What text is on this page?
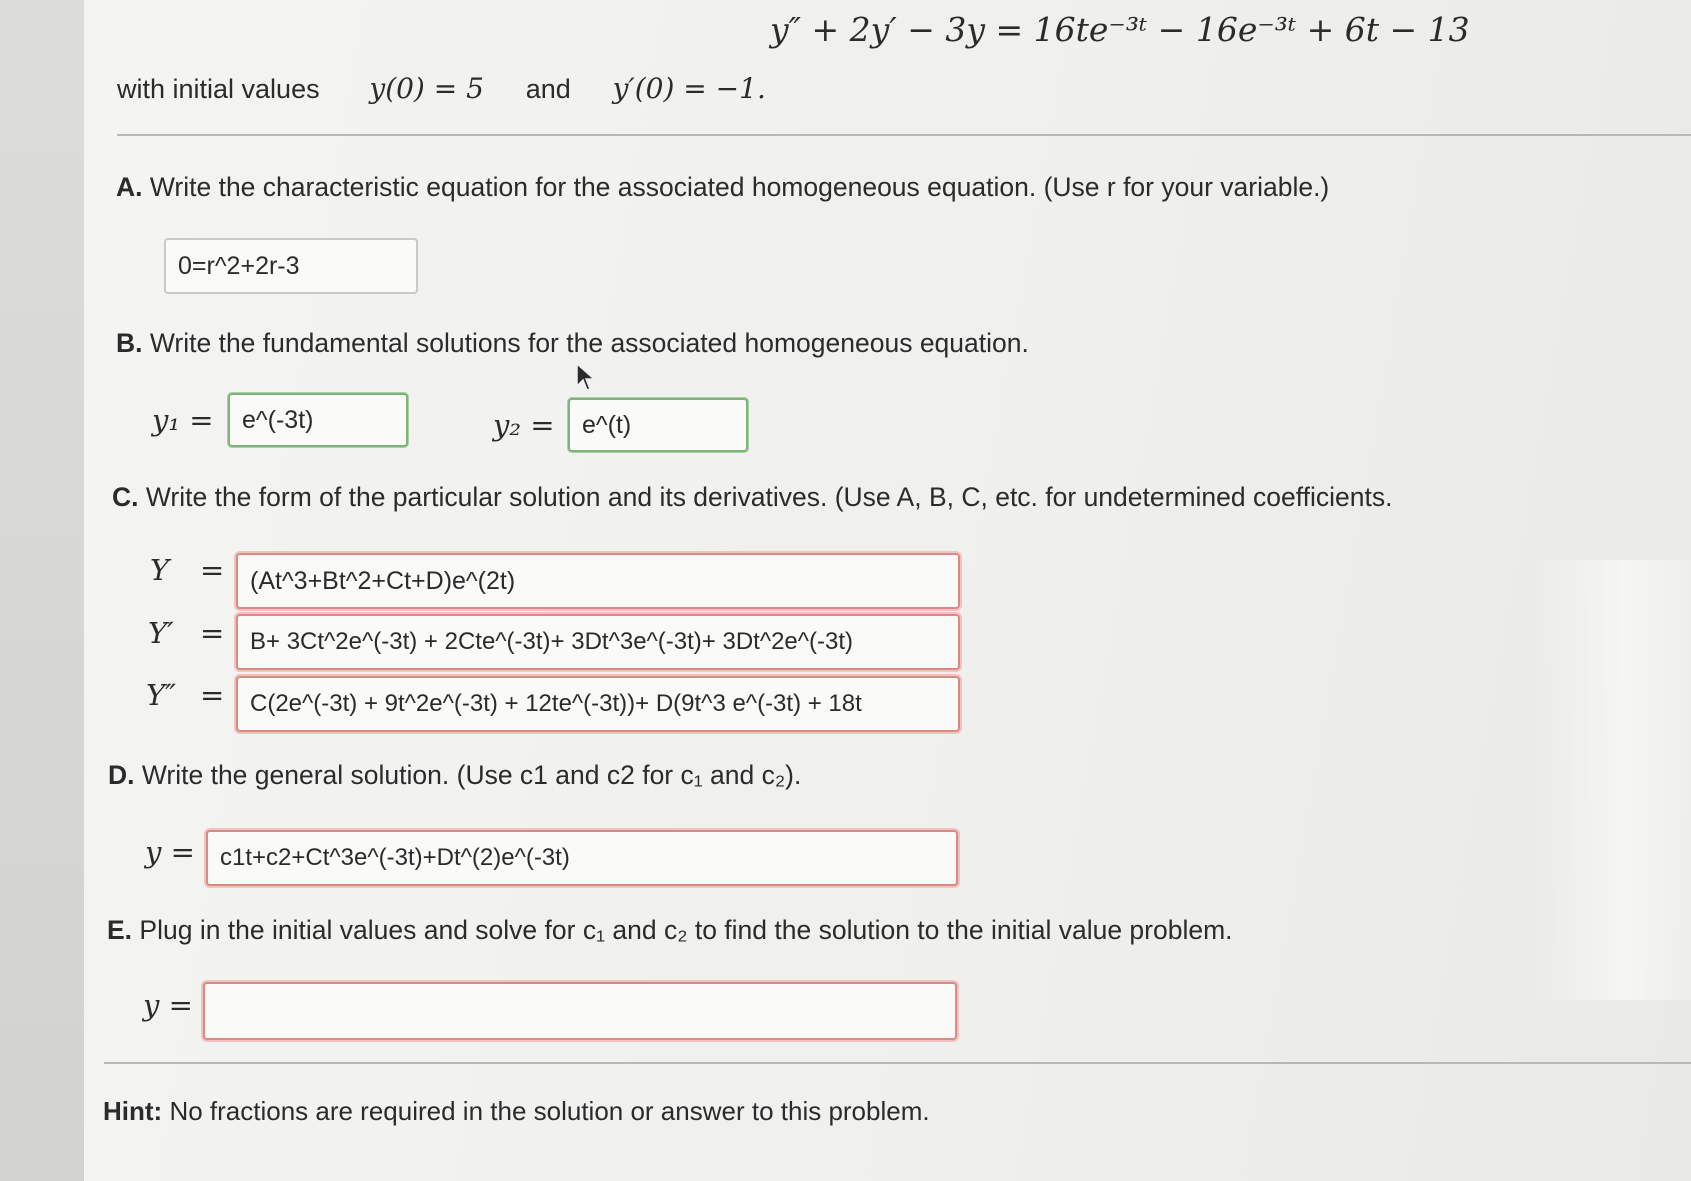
y″ + 2y′ − 3y = 16te⁻³ᵗ − 16e⁻³ᵗ + 6t − 13
with initial values y(0) = 5 and y′(0) = −1.
A. Write the characteristic equation for the associated homogeneous equation. (Use r for your variable.)
0=r^2+2r-3
B. Write the fundamental solutions for the associated homogeneous equation.
y₁ =	e^(-3t)	y₂ =	e^(t)
C. Write the form of the particular solution and its derivatives. (Use A, B, C, etc. for undetermined coefficients.
Y =	(At^3+Bt^2+Ct+D)e^(2t)
Y′ =	B+ 3Ct^2e^(-3t) + 2Cte^(-3t)+ 3Dt^3e^(-3t)+ 3Dt^2e^(-3t)
Y″ =	C(2e^(-3t) + 9t^2e^(-3t) + 12te^(-3t))+ D(9t^3 e^(-3t) + 18t
D. Write the general solution. (Use c1 and c2 for c₁ and c₂).
y =	c1t+c2+Ct^3e^(-3t)+Dt^(2)e^(-3t)
E. Plug in the initial values and solve for c₁ and c₂ to find the solution to the initial value problem.
y =
Hint: No fractions are required in the solution or answer to this problem.
